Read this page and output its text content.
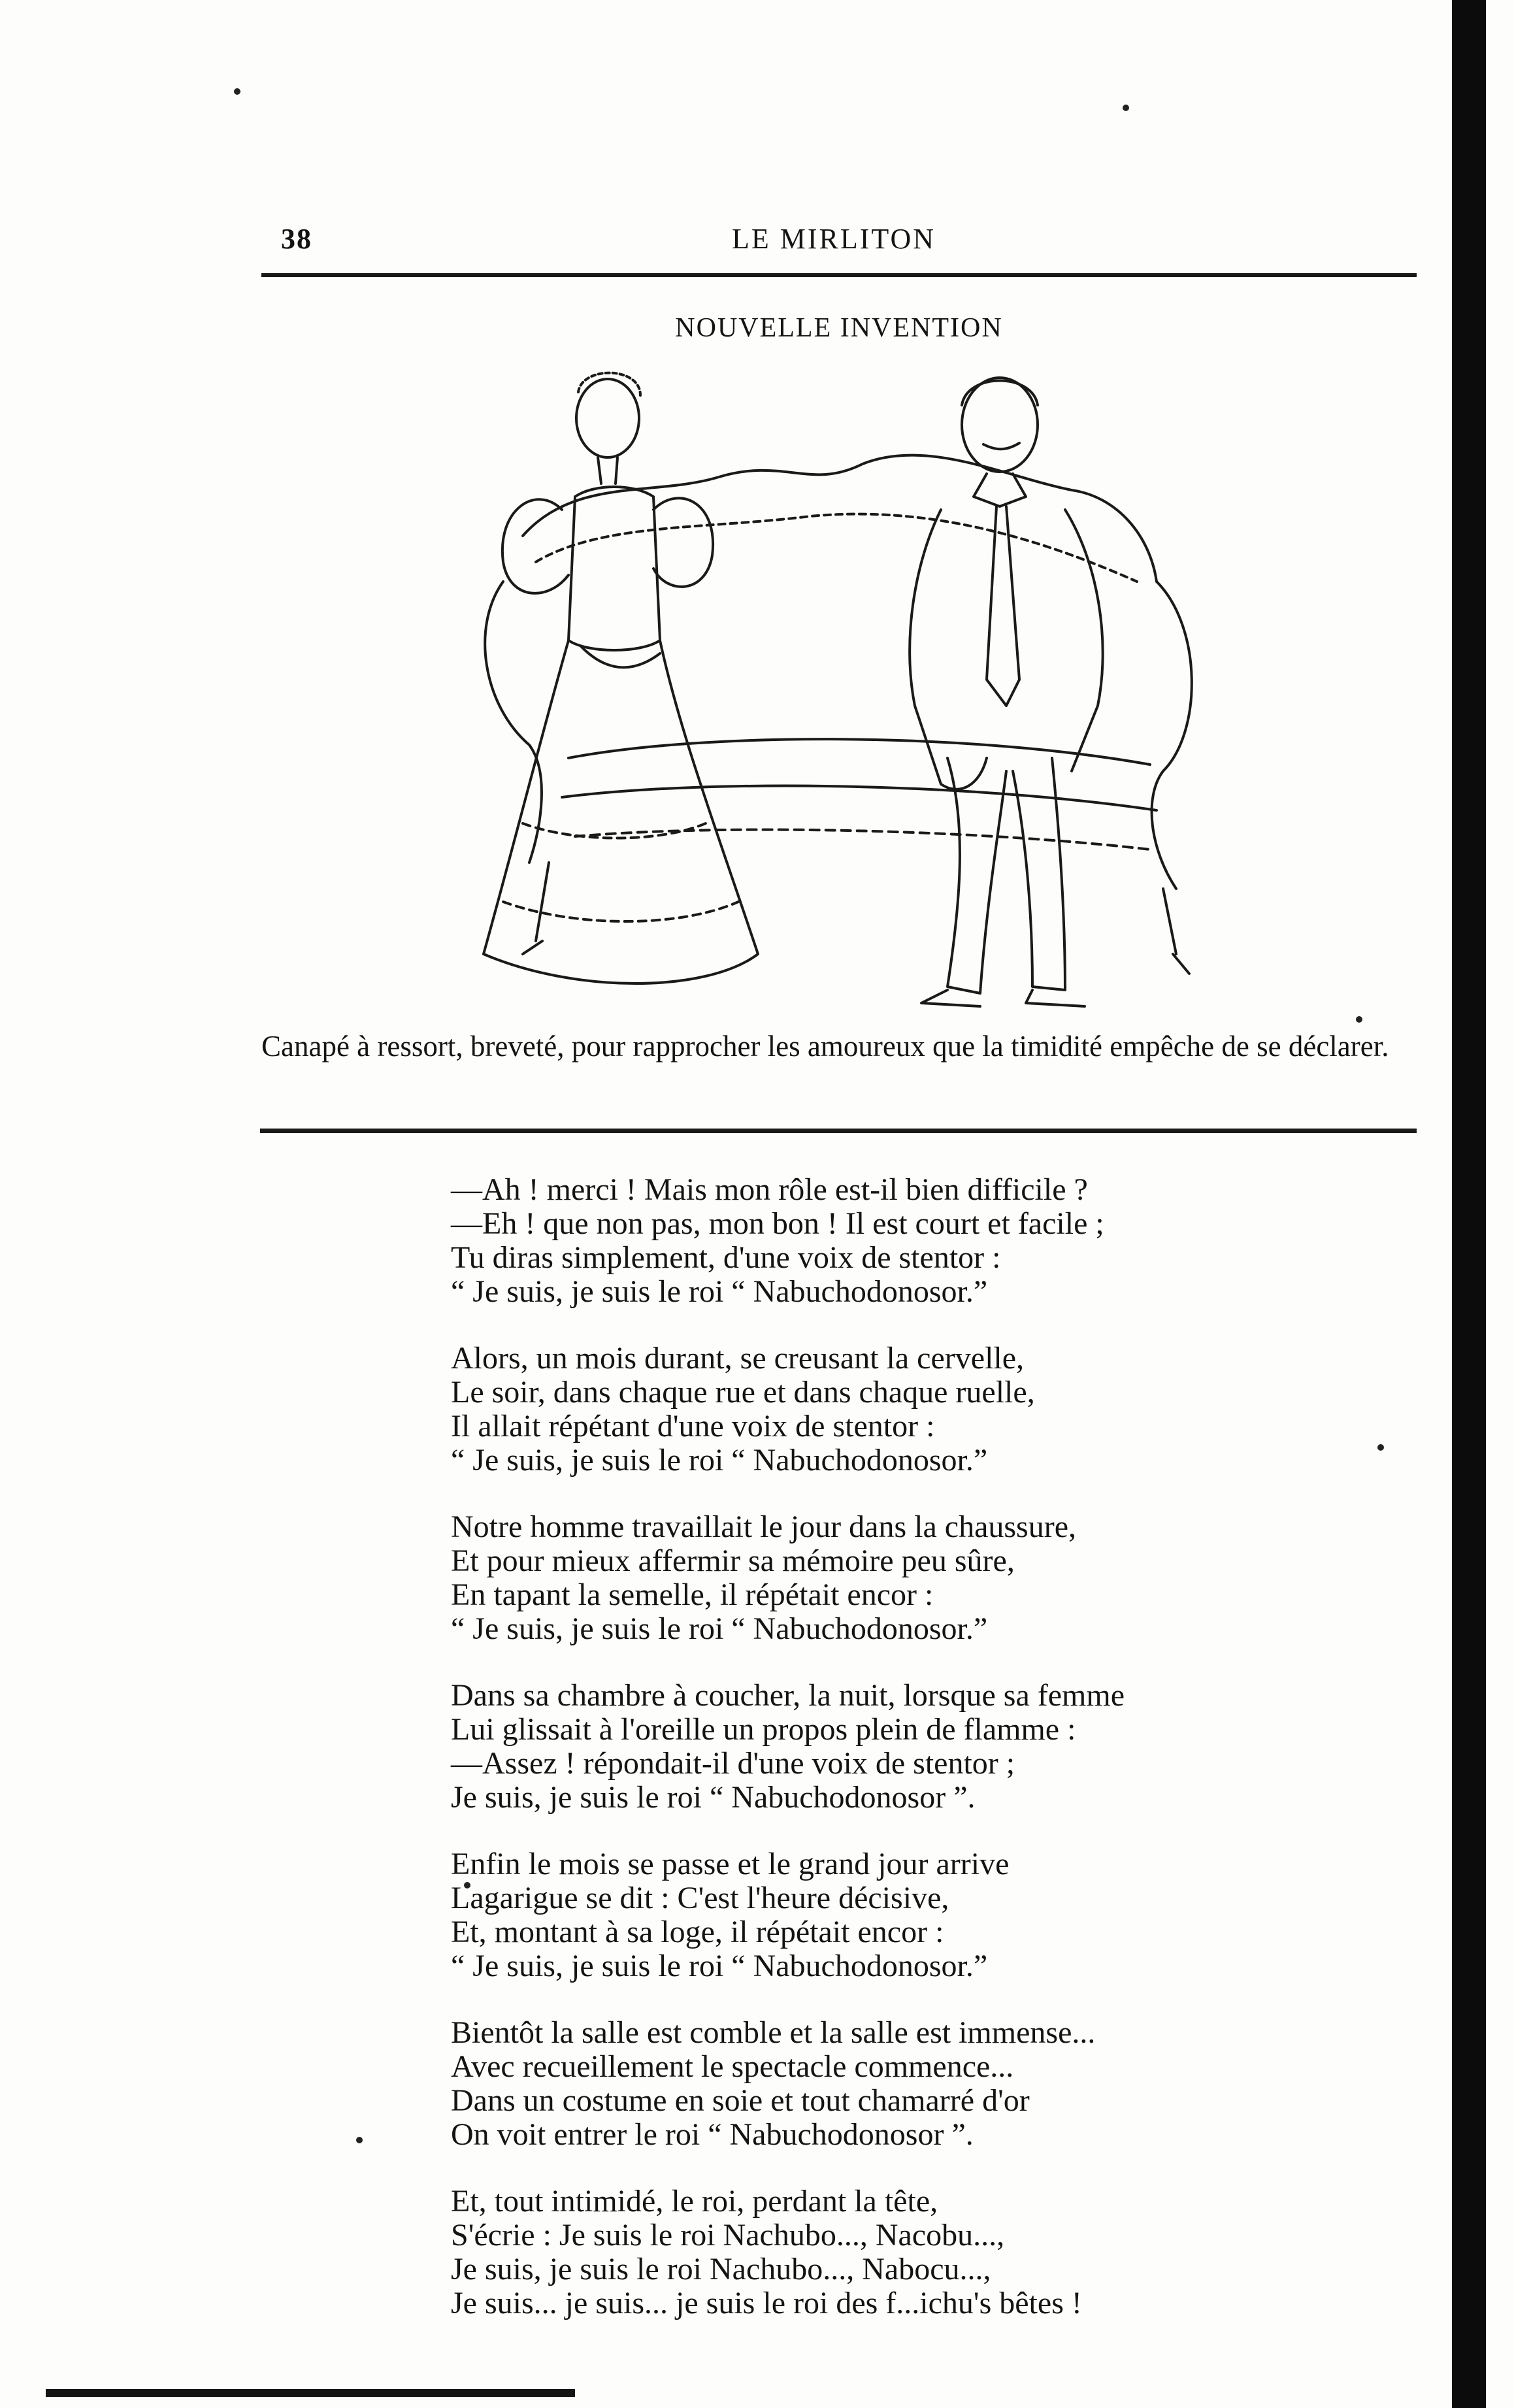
38	LE MIRLITON
NOUVELLE INVENTION
Canapé à ressort, breveté, pour rapprocher les amoureux que la timidité empêche de se déclarer.
—Ah ! merci ! Mais mon rôle est-il bien difficile ?
—Eh ! que non pas, mon bon ! Il est court et facile ;
Tu diras simplement, d'une voix de stentor :
“ Je suis, je suis le roi “ Nabuchodonosor.”
Alors, un mois durant, se creusant la cervelle,
Le soir, dans chaque rue et dans chaque ruelle,
Il allait répétant d'une voix de stentor :
“ Je suis, je suis le roi “ Nabuchodonosor.”
Notre homme travaillait le jour dans la chaussure,
Et pour mieux affermir sa mémoire peu sûre,
En tapant la semelle, il répétait encor :
“ Je suis, je suis le roi “ Nabuchodonosor.”
Dans sa chambre à coucher, la nuit, lorsque sa femme
Lui glissait à l'oreille un propos plein de flamme :
—Assez ! répondait-il d'une voix de stentor ;
Je suis, je suis le roi “ Nabuchodonosor ”.
Enfin le mois se passe et le grand jour arrive
Lagarigue se dit : C'est l'heure décisive,
Et, montant à sa loge, il répétait encor :
“ Je suis, je suis le roi “ Nabuchodonosor.”
Bientôt la salle est comble et la salle est immense...
Avec recueillement le spectacle commence...
Dans un costume en soie et tout chamarré d'or
On voit entrer le roi “ Nabuchodonosor ”.
Et, tout intimidé, le roi, perdant la tête,
S'écrie : Je suis le roi Nachubo..., Nacobu...,
Je suis, je suis le roi Nachubo..., Nabocu...,
Je suis... je suis... je suis le roi des f...ichu's bêtes !
